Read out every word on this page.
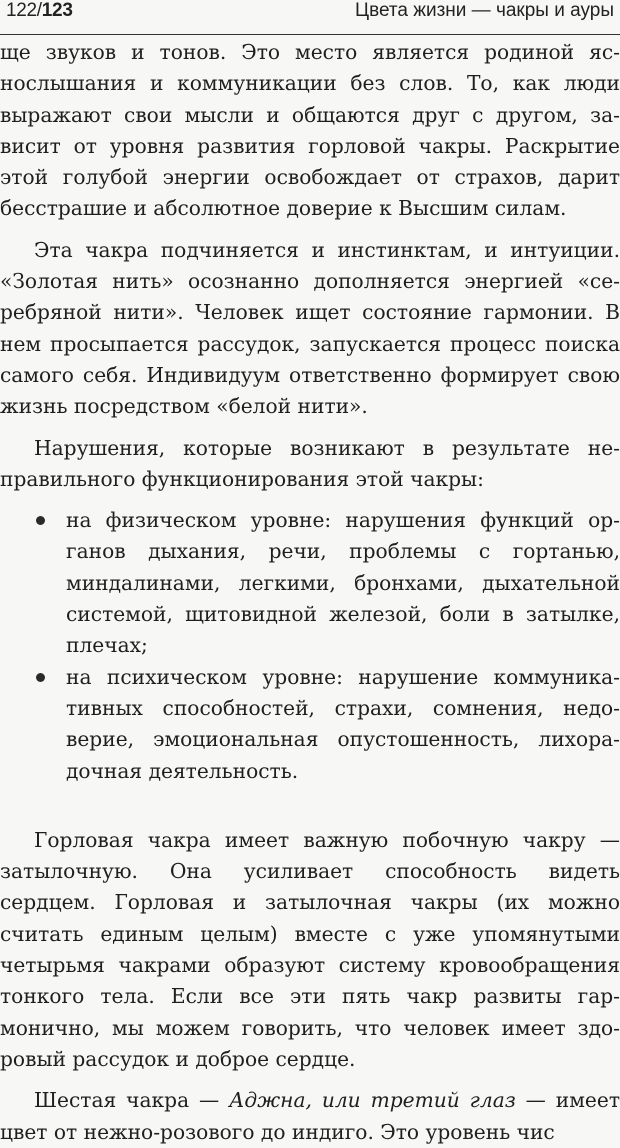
122/123	Цвета жизни — чакры и ауры

ще звуков и тонов. Это место является родиной яснослышания и коммуникации без слов. То, как люди выражают свои мысли и общаются друг с другом, зависит от уровня развития горловой чакры. Раскрытие этой голубой энергии освобождает от страхов, дарит бесстрашие и абсолютное доверие к Высшим силам.

Эта чакра подчиняется и инстинктам, и интуиции. «Золотая нить» осознанно дополняется энергией «серебряной нити». Человек ищет состояние гармонии. В нем просыпается рассудок, запускается процесс поиска самого себя. Индивидуум ответственно формирует свою жизнь посредством «белой нити».

Нарушения, которые возникают в результате неправильного функционирования этой чакры:

на физическом уровне: нарушения функций органов дыхания, речи, проблемы с гортанью, миндалинами, легкими, бронхами, дыхательной системой, щитовидной железой, боли в затылке, плечах;
на психическом уровне: нарушение коммуникативных способностей, страхи, сомнения, недоверие, эмоциональная опустошенность, лихорадочная деятельность.

Горловая чакра имеет важную побочную чакру — затылочную. Она усиливает способность видеть сердцем. Горловая и затылочная чакры (их можно считать единым целым) вместе с уже упомянутыми четырьмя чакрами образуют систему кровообращения тонкого тела. Если все эти пять чакр развиты гармонично, мы можем говорить, что человек имеет здоровый рассудок и доброе сердце.

Шестая чакра — Аджна, или третий глаз — имеет цвет от нежно-розового до индиго. Это уровень чис
